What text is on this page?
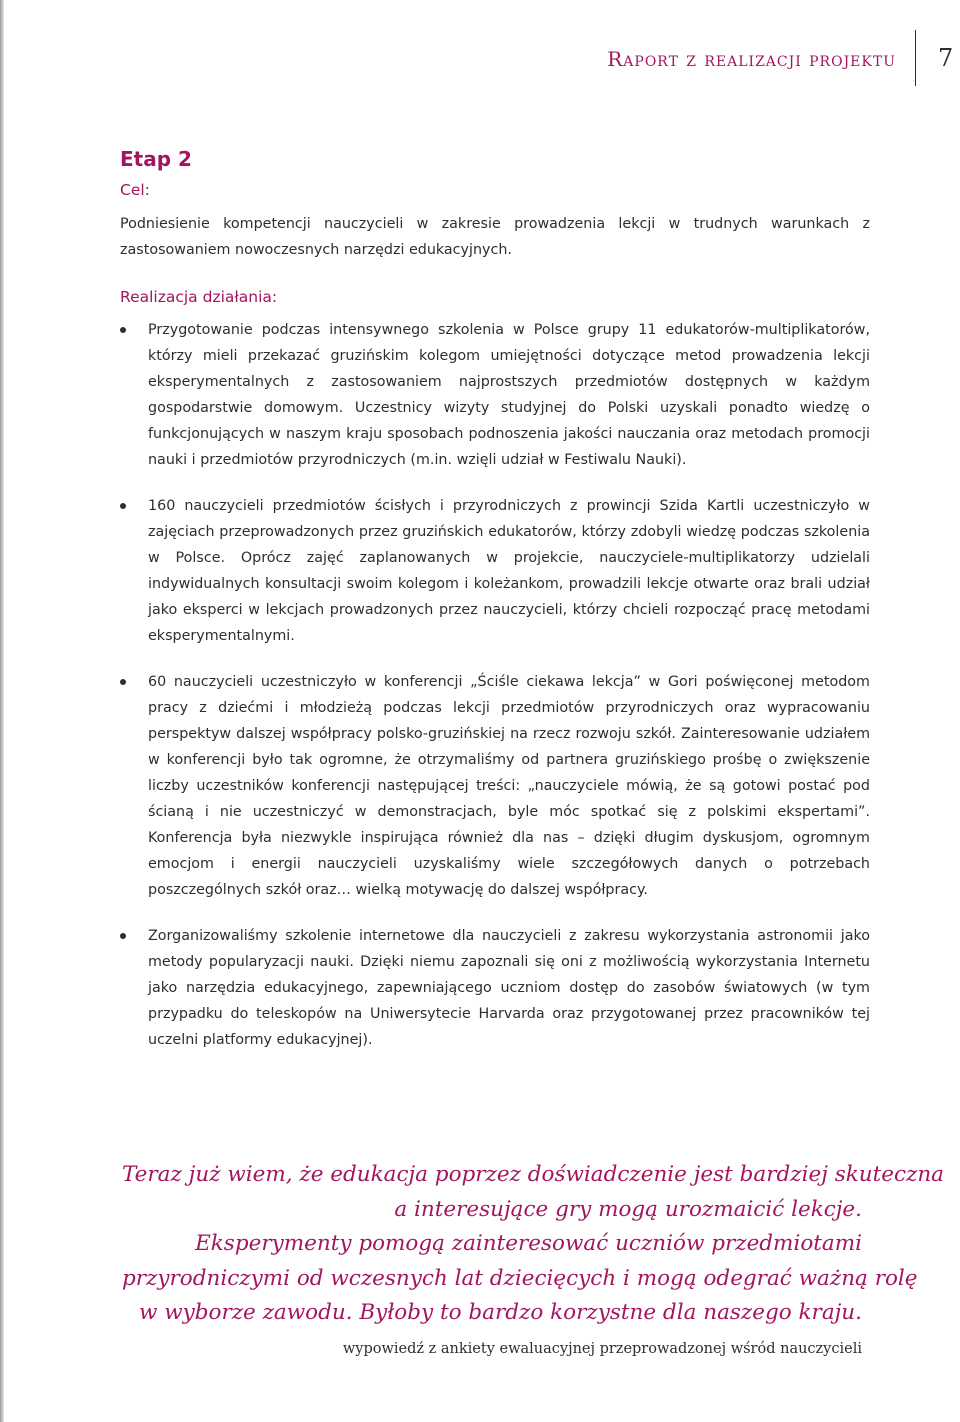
Raport z realizacji projektu 7
Etap 2

Cel:

Podniesienie kompetencji nauczycieli w zakresie prowadzenia lekcji w trudnych warunkach z zastosowaniem nowoczesnych narzędzi edukacyjnych.

Realizacja działania:

Przygotowanie podczas intensywnego szkolenia w Polsce grupy 11 edukatorów-multiplikatorów, którzy mieli przekazać gruzińskim kolegom umiejętności dotyczące metod prowadzenia lekcji eksperymentalnych z zastosowaniem najprostszych przedmiotów dostępnych w każdym gospodarstwie domowym. Uczestnicy wizyty studyjnej do Polski uzyskali ponadto wiedzę o funkcjonujących w naszym kraju sposobach podnoszenia jakości nauczania oraz metodach promocji nauki i przedmiotów przyrodniczych (m.in. wzięli udział w Festiwalu Nauki).
160 nauczycieli przedmiotów ścisłych i przyrodniczych z prowincji Szida Kartli uczestniczyło w zajęciach przeprowadzonych przez gruzińskich edukatorów, którzy zdobyli wiedzę podczas szkolenia w Polsce. Oprócz zajęć zaplanowanych w projekcie, nauczyciele-multiplikatorzy udzielali indywidualnych konsultacji swoim kolegom i koleżankom, prowadzili lekcje otwarte oraz brali udział jako eksperci w lekcjach prowadzonych przez nauczycieli, którzy chcieli rozpocząć pracę metodami eksperymentalnymi.
60 nauczycieli uczestniczyło w konferencji „Ściśle ciekawa lekcja” w Gori poświęconej metodom pracy z dziećmi i młodzieżą podczas lekcji przedmiotów przyrodniczych oraz wypracowaniu perspektyw dalszej współpracy polsko-gruzińskiej na rzecz rozwoju szkół. Zainteresowanie udziałem w konferencji było tak ogromne, że otrzymaliśmy od partnera gruzińskiego prośbę o zwiększenie liczby uczestników konferencji następującej treści: „nauczyciele mówią, że są gotowi postać pod ścianą i nie uczestniczyć w demonstracjach, byle móc spotkać się z polskimi ekspertami”. Konferencja była niezwykle inspirująca również dla nas – dzięki długim dyskusjom, ogromnym emocjom i energii nauczycieli uzyskaliśmy wiele szczegółowych danych o potrzebach poszczególnych szkół oraz… wielką motywację do dalszej współpracy.
Zorganizowaliśmy szkolenie internetowe dla nauczycieli z zakresu wykorzystania astronomii jako metody popularyzacji nauki. Dzięki niemu zapoznali się oni z możliwością wykorzystania Internetu jako narzędzia edukacyjnego, zapewniającego uczniom dostęp do zasobów światowych (w tym przypadku do teleskopów na Uniwersytecie Harvarda oraz przygotowanej przez pracowników tej uczelni platformy edukacyjnej).
Teraz już wiem, że edukacja poprzez doświadczenie jest bardziej skuteczna
a interesujące gry mogą urozmaicić lekcje.
Eksperymenty pomogą zainteresować uczniów przedmiotami
przyrodniczymi od wczesnych lat dziecięcych i mogą odegrać ważną rolę
w wyborze zawodu. Byłoby to bardzo korzystne dla naszego kraju.
wypowiedź z ankiety ewaluacyjnej przeprowadzonej wśród nauczycieli
